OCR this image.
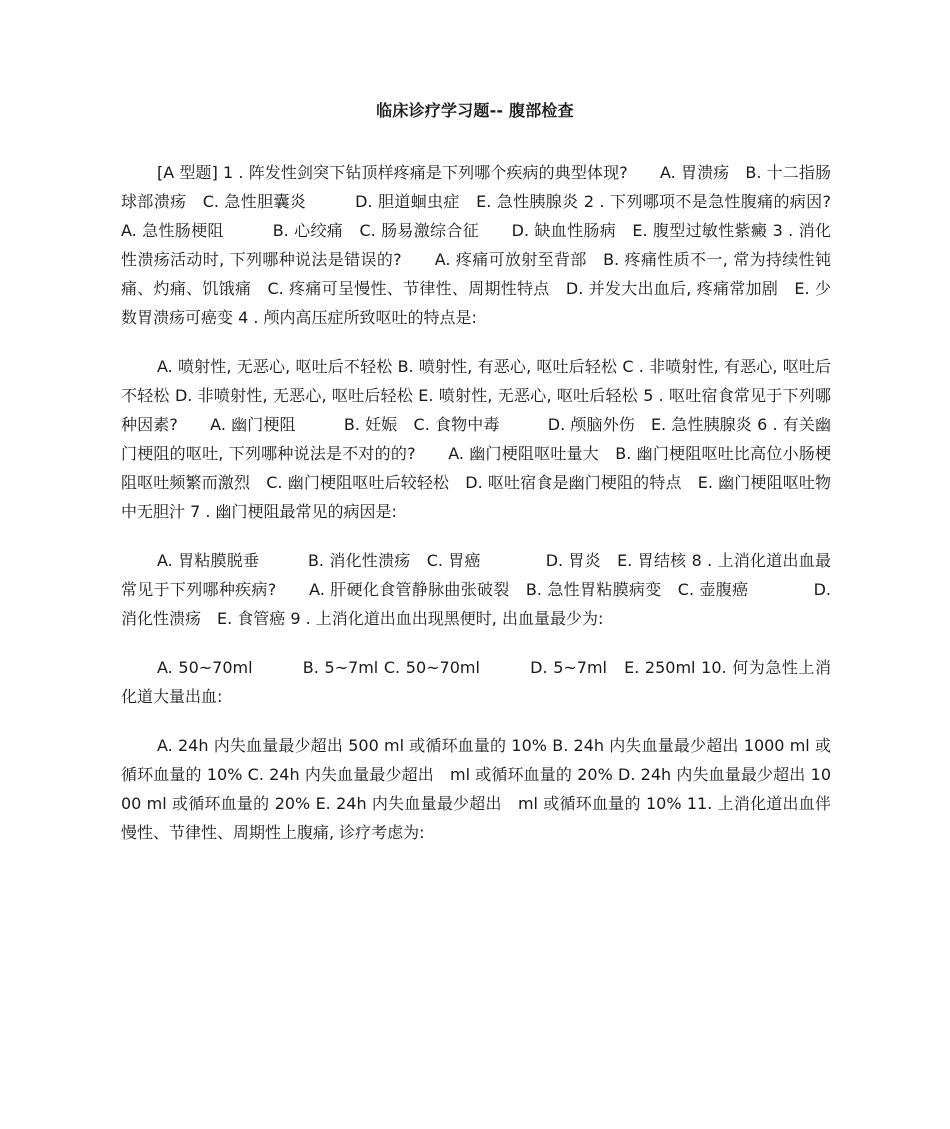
临床诊疗学习题-- 腹部检查

[A 型题] 1 . 阵发性剑突下钻顶样疼痛是下列哪个疾病的典型体现?　　A. 胃溃疡　B. 十二指肠球部溃疡　C. 急性胆囊炎　　　D. 胆道蛔虫症　E. 急性胰腺炎 2 . 下列哪项不是急性腹痛的病因?　　A. 急性肠梗阻　　　B. 心绞痛　C. 肠易激综合征　　D. 缺血性肠病　E. 腹型过敏性紫癜 3 . 消化性溃疡活动时, 下列哪种说法是错误的?　　A. 疼痛可放射至背部　B. 疼痛性质不一, 常为持续性钝痛、灼痛、饥饿痛　C. 疼痛可呈慢性、节律性、周期性特点　D. 并发大出血后, 疼痛常加剧　E. 少数胃溃疡可癌变 4 . 颅内高压症所致呕吐的特点是:

A. 喷射性, 无恶心, 呕吐后不轻松 B. 喷射性, 有恶心, 呕吐后轻松 C . 非喷射性, 有恶心, 呕吐后不轻松 D. 非喷射性, 无恶心, 呕吐后轻松 E. 喷射性, 无恶心, 呕吐后轻松 5 . 呕吐宿食常见于下列哪种因素?　　A. 幽门梗阻　　　B. 妊娠　C. 食物中毒　　　D. 颅脑外伤　E. 急性胰腺炎 6 . 有关幽门梗阻的呕吐, 下列哪种说法是不对的的?　　A. 幽门梗阻呕吐量大　B. 幽门梗阻呕吐比高位小肠梗阻呕吐频繁而激烈　C. 幽门梗阻呕吐后较轻松　D. 呕吐宿食是幽门梗阻的特点　E. 幽门梗阻呕吐物中无胆汁 7 . 幽门梗阻最常见的病因是:

A. 胃粘膜脱垂　　　B. 消化性溃疡　C. 胃癌　　　　D. 胃炎　E. 胃结核 8 . 上消化道出血最常见于下列哪种疾病?　　A. 肝硬化食管静脉曲张破裂　B. 急性胃粘膜病变　C. 壶腹癌　　　　D. 消化性溃疡　E. 食管癌 9 . 上消化道出血出现黑便时, 出血量最少为:

A. 50~70ml　　　B. 5~7ml C. 50~70ml　　　D. 5~7ml　E. 250ml 10. 何为急性上消化道大量出血:

A. 24h 内失血量最少超出 500 ml 或循环血量的 10% B. 24h 内失血量最少超出 1000 ml 或循环血量的 10% C. 24h 内失血量最少超出　ml 或循环血量的 20% D. 24h 内失血量最少超出 1000 ml 或循环血量的 20% E. 24h 内失血量最少超出　ml 或循环血量的 10% 11. 上消化道出血伴慢性、节律性、周期性上腹痛, 诊疗考虑为:
